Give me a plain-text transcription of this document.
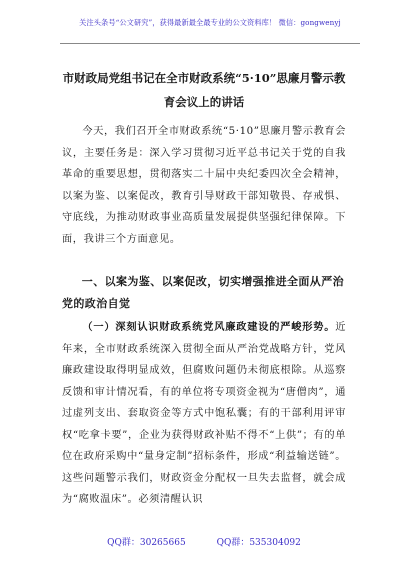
关注头条号“公文研究”，获得最新最全最专业的公文资料库！ 微信：gongwenyj
市财政局党组书记在全市财政系统“5·10”思廉月警示教育会议上的讲话
今天，我们召开全市财政系统“5·10”思廉月警示教育会议，主要任务是：深入学习贯彻习近平总书记关于党的自我革命的重要思想，贯彻落实二十届中央纪委四次全会精神，以案为鉴、以案促改，教育引导财政干部知敬畏、存戒惧、守底线，为推动财政事业高质量发展提供坚强纪律保障。下面，我讲三个方面意见。
一、以案为鉴、以案促改，切实增强推进全面从严治党的政治自觉
（一）深刻认识财政系统党风廉政建设的严峻形势。近年来，全市财政系统深入贯彻全面从严治党战略方针，党风廉政建设取得明显成效，但腐败问题仍未彻底根除。从巡察反馈和审计情况看，有的单位将专项资金视为“唐僧肉”，通过虚列支出、套取资金等方式中饱私囊；有的干部利用评审权“吃拿卡要”，企业为获得财政补贴不得不“上供”；有的单位在政府采购中“量身定制”招标条件，形成“利益输送链”。这些问题警示我们，财政资金分配权一旦失去监督，就会成为“腐败温床”。必须清醒认识
QQ群：30265665	QQ群：535304092
